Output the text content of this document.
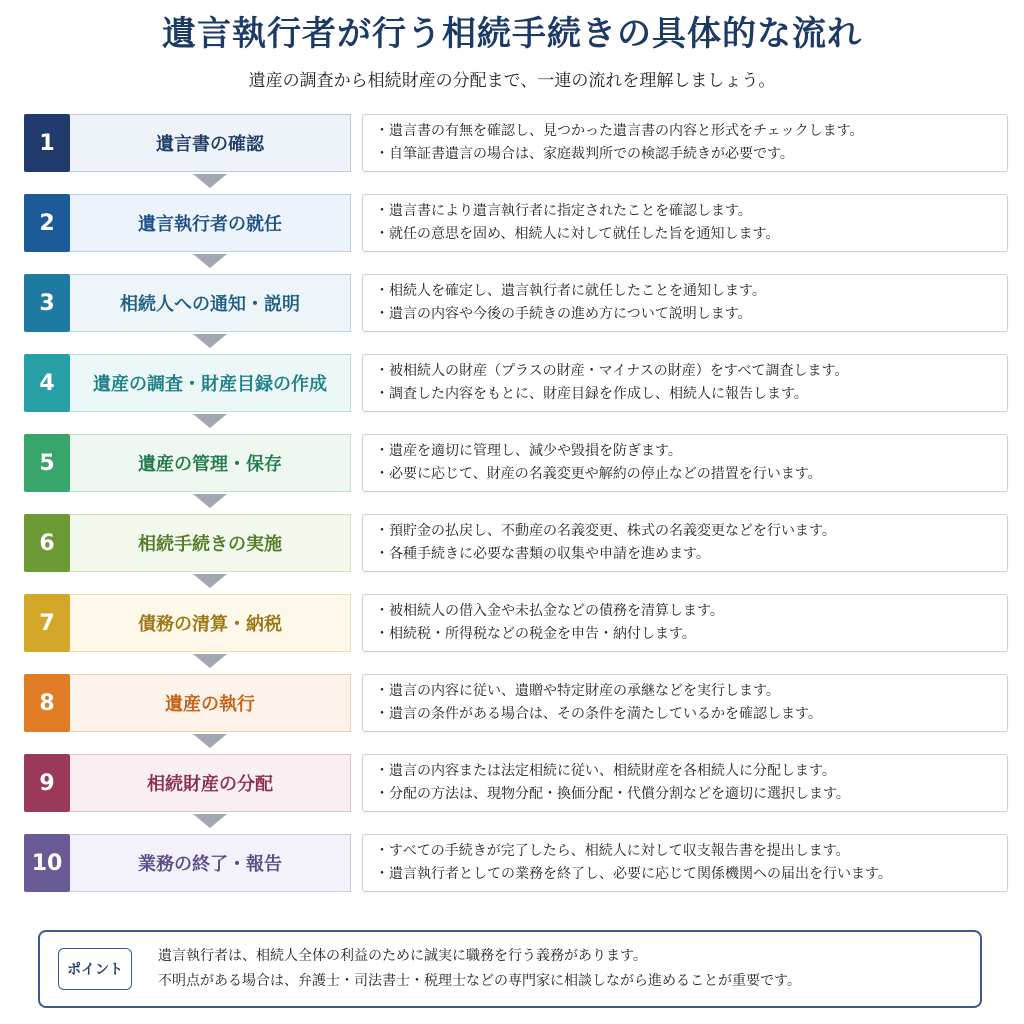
遺言執行者が行う相続手続きの具体的な流れ
遺産の調査から相続財産の分配まで、一連の流れを理解しましょう。
1	遺言書の確認
・遺言書の有無を確認し、見つかった遺言書の内容と形式をチェックします。
・自筆証書遺言の場合は、家庭裁判所での検認手続きが必要です。
2	遺言執行者の就任
・遺言書により遺言執行者に指定されたことを確認します。
・就任の意思を固め、相続人に対して就任した旨を通知します。
3	相続人への通知・説明
・相続人を確定し、遺言執行者に就任したことを通知します。
・遺言の内容や今後の手続きの進め方について説明します。
4	遺産の調査・財産目録の作成
・被相続人の財産（プラスの財産・マイナスの財産）をすべて調査します。
・調査した内容をもとに、財産目録を作成し、相続人に報告します。
5	遺産の管理・保存
・遺産を適切に管理し、減少や毀損を防ぎます。
・必要に応じて、財産の名義変更や解約の停止などの措置を行います。
6	相続手続きの実施
・預貯金の払戻し、不動産の名義変更、株式の名義変更などを行います。
・各種手続きに必要な書類の収集や申請を進めます。
7	債務の清算・納税
・被相続人の借入金や未払金などの債務を清算します。
・相続税・所得税などの税金を申告・納付します。
8	遺産の執行
・遺言の内容に従い、遺贈や特定財産の承継などを実行します。
・遺言の条件がある場合は、その条件を満たしているかを確認します。
9	相続財産の分配
・遺言の内容または法定相続に従い、相続財産を各相続人に分配します。
・分配の方法は、現物分配・換価分配・代償分割などを適切に選択します。
10	業務の終了・報告
・すべての手続きが完了したら、相続人に対して収支報告書を提出します。
・遺言執行者としての業務を終了し、必要に応じて関係機関への届出を行います。
ポイント
遺言執行者は、相続人全体の利益のために誠実に職務を行う義務があります。
不明点がある場合は、弁護士・司法書士・税理士などの専門家に相談しながら進めることが重要です。
